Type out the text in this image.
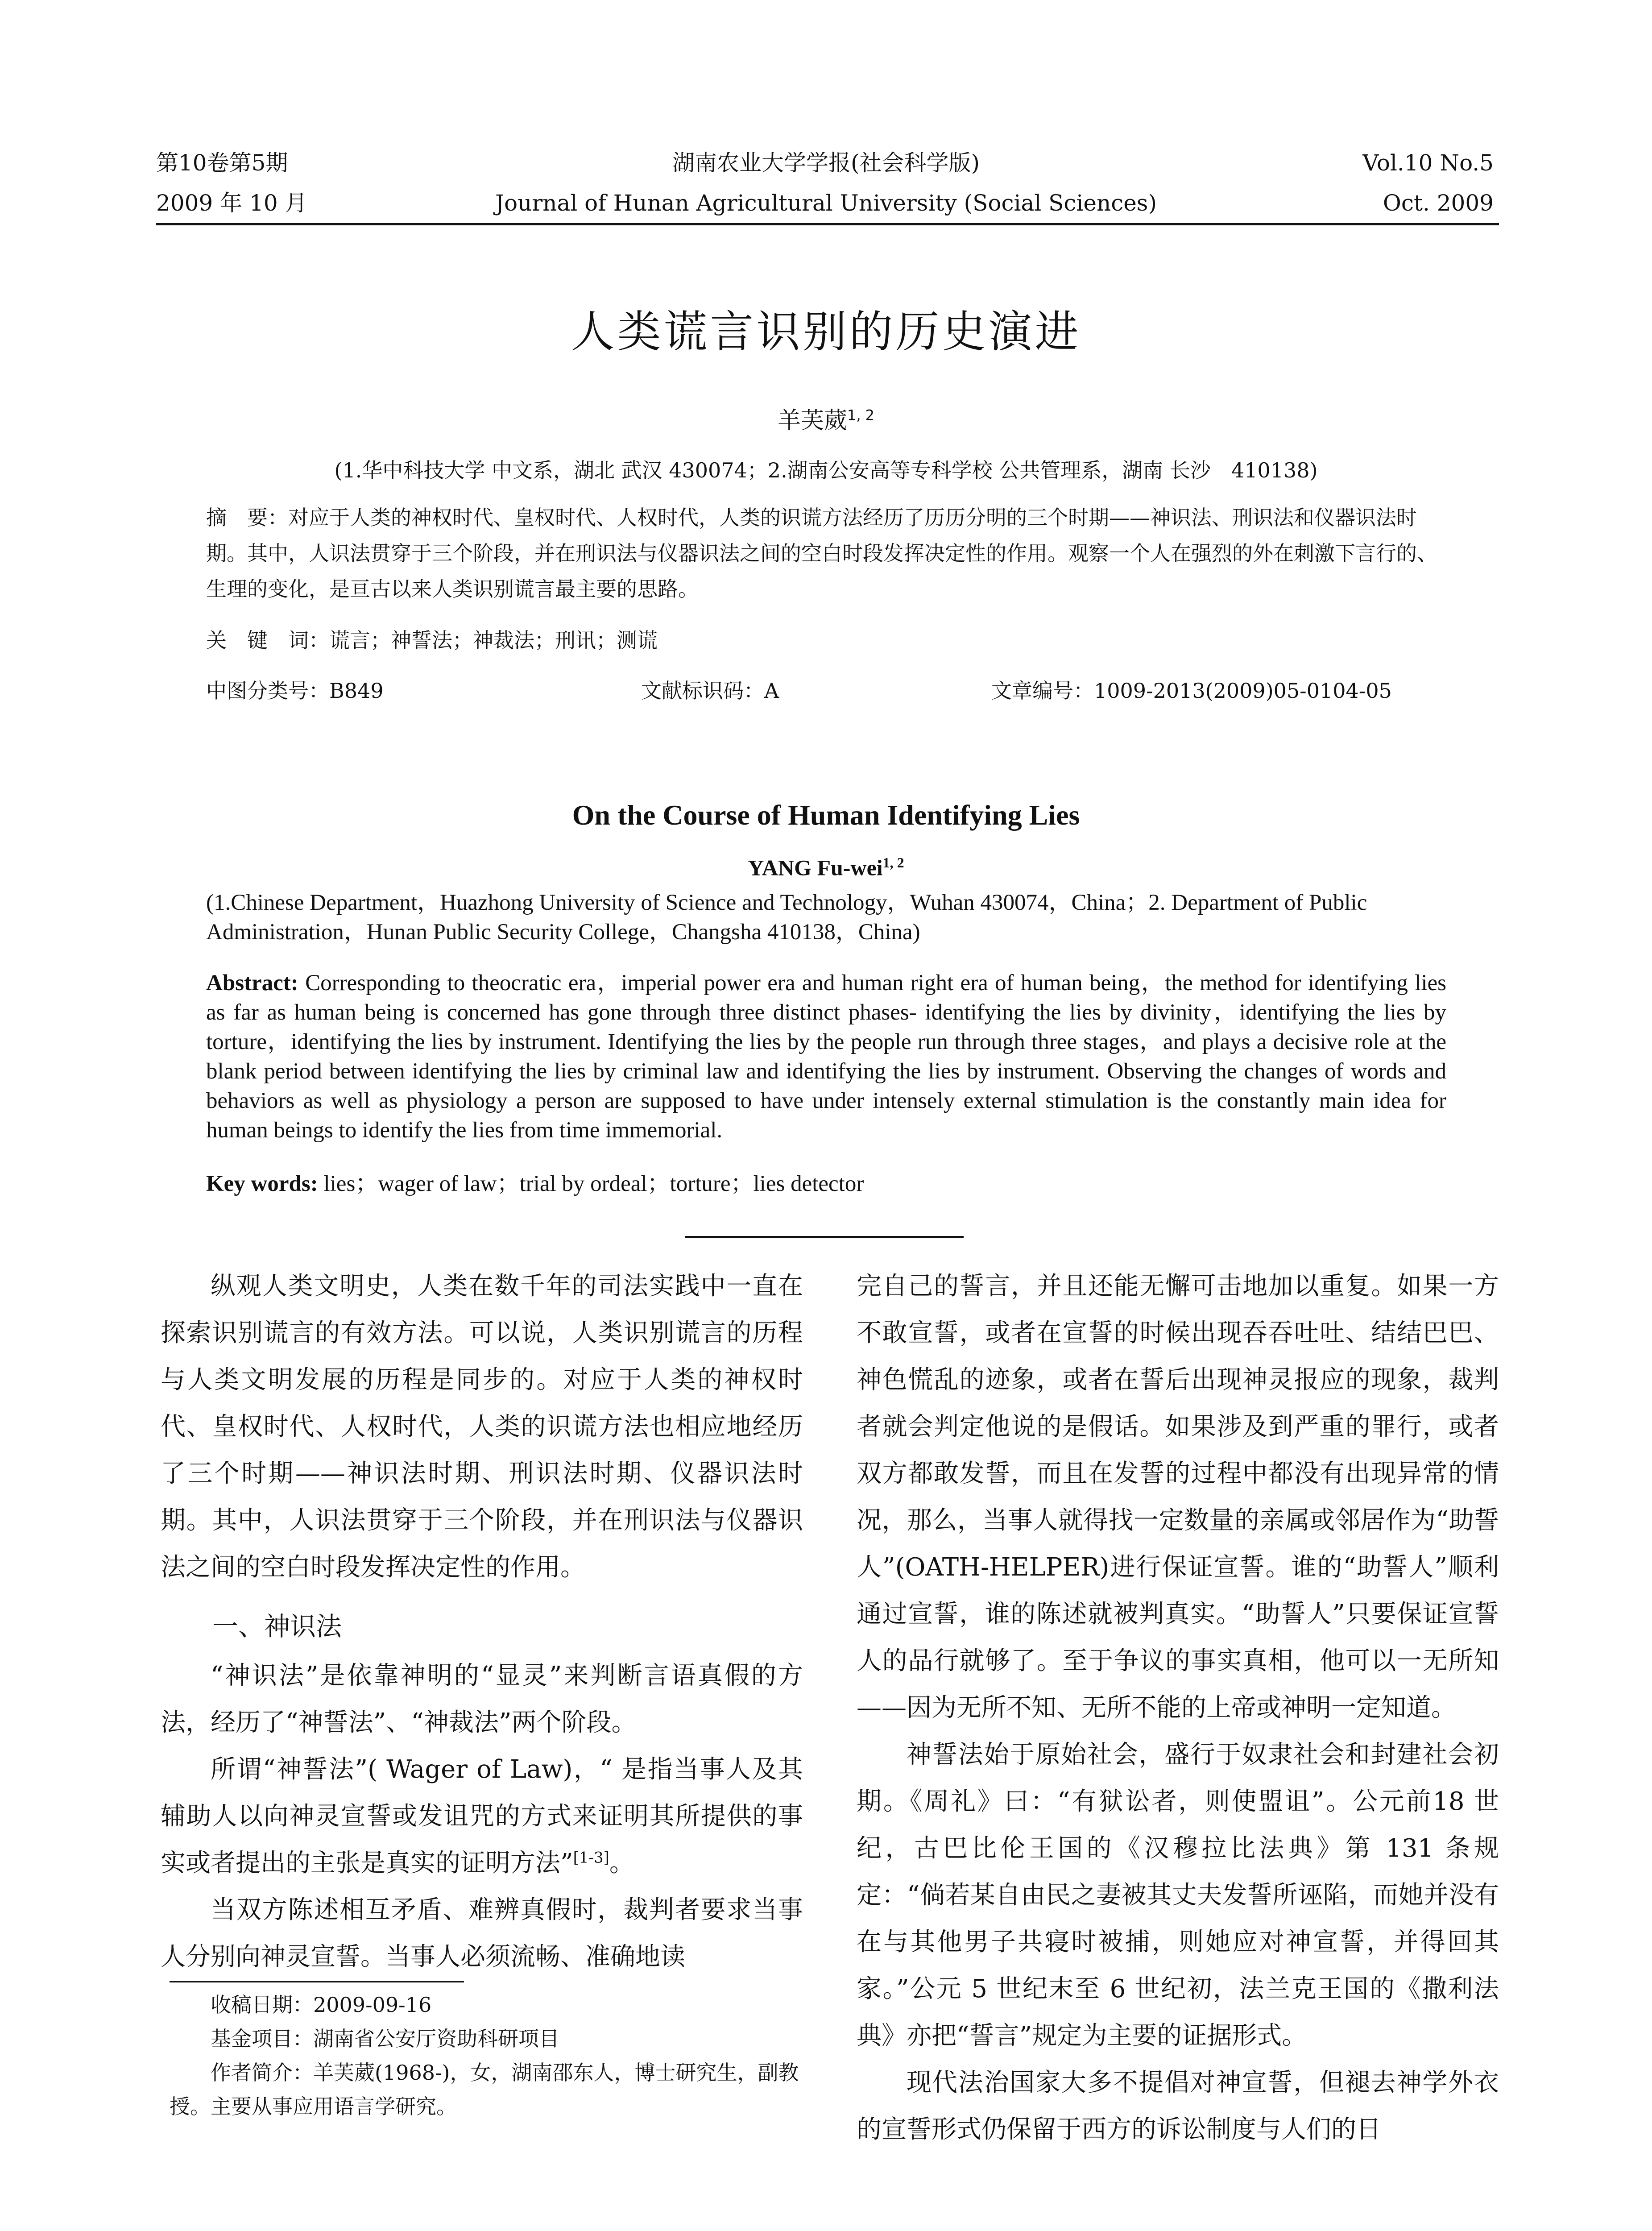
第10卷第5期
2009 年 10 月
湖南农业大学学报(社会科学版)
Journal of Hunan Agricultural University (Social Sciences)
Vol.10 No.5
Oct. 2009
人类谎言识别的历史演进
羊芙葳$^{1, 2}$
(1.华中科技大学 中文系，湖北 武汉 430074；2.湖南公安高等专科学校 公共管理系，湖南 长沙　410138)
摘　要：对应于人类的神权时代、皇权时代、人权时代，人类的识谎方法经历了历历分明的三个时期——神识法、刑识法和仪器识法时期。其中，人识法贯穿于三个阶段，并在刑识法与仪器识法之间的空白时段发挥决定性的作用。观察一个人在强烈的外在刺激下言行的、生理的变化，是亘古以来人类识别谎言最主要的思路。
关　键　词：谎言；神誓法；神裁法；刑讯；测谎
中图分类号：B849	文献标识码：A	文章编号：1009-2013(2009)05-0104-05
On the Course of Human Identifying Lies
YANG Fu-wei$^{1, 2}$
(1.Chinese Department，Huazhong University of Science and Technology，Wuhan 430074，China；2. Department of Public Administration，Hunan Public Security College，Changsha 410138，China)
Abstract: Corresponding to theocratic era，imperial power era and human right era of human being，the method for identifying lies as far as human being is concerned has gone through three distinct phases- identifying the lies by divinity，identifying the lies by torture，identifying the lies by instrument. Identifying the lies by the people run through three stages，and plays a decisive role at the blank period between identifying the lies by criminal law and identifying the lies by instrument. Observing the changes of words and behaviors as well as physiology a person are supposed to have under intensely external stimulation is the constantly main idea for human beings to identify the lies from time immemorial.
Key words: lies；wager of law；trial by ordeal；torture；lies detector

纵观人类文明史，人类在数千年的司法实践中一直在探索识别谎言的有效方法。可以说，人类识别谎言的历程与人类文明发展的历程是同步的。对应于人类的神权时代、皇权时代、人权时代，人类的识谎方法也相应地经历了三个时期——神识法时期、刑识法时期、仪器识法时期。其中，人识法贯穿于三个阶段，并在刑识法与仪器识法之间的空白时段发挥决定性的作用。

一、神识法

“神识法”是依靠神明的“显灵”来判断言语真假的方法，经历了“神誓法”、“神裁法”两个阶段。

所谓“神誓法”( Wager of Law)，“ 是指当事人及其辅助人以向神灵宣誓或发诅咒的方式来证明其所提供的事实或者提出的主张是真实的证明方法”[1-3]。

当双方陈述相互矛盾、难辨真假时，裁判者要求当事人分别向神灵宣誓。当事人必须流畅、准确地读

收稿日期：2009-09-16

基金项目：湖南省公安厅资助科研项目

作者简介：羊芙葳(1968-)，女，湖南邵东人，博士研究生，副教授。主要从事应用语言学研究。

完自己的誓言，并且还能无懈可击地加以重复。如果一方不敢宣誓，或者在宣誓的时候出现吞吞吐吐、结结巴巴、神色慌乱的迹象，或者在誓后出现神灵报应的现象，裁判者就会判定他说的是假话。如果涉及到严重的罪行，或者双方都敢发誓，而且在发誓的过程中都没有出现异常的情况，那么，当事人就得找一定数量的亲属或邻居作为“助誓人”(OATH-HELPER)进行保证宣誓。谁的“助誓人”顺利通过宣誓，谁的陈述就被判真实。“助誓人”只要保证宣誓人的品行就够了。至于争议的事实真相，他可以一无所知——因为无所不知、无所不能的上帝或神明一定知道。

神誓法始于原始社会，盛行于奴隶社会和封建社会初期。《周礼》曰：“有狱讼者，则使盟诅”。公元前18 世纪，古巴比伦王国的《汉穆拉比法典》第 131 条规定：“倘若某自由民之妻被其丈夫发誓所诬陷，而她并没有在与其他男子共寝时被捕，则她应对神宣誓，并得回其家。”公元 5 世纪末至 6 世纪初，法兰克王国的《撒利法典》亦把“誓言”规定为主要的证据形式。

现代法治国家大多不提倡对神宣誓，但褪去神学外衣的宣誓形式仍保留于西方的诉讼制度与人们的日
